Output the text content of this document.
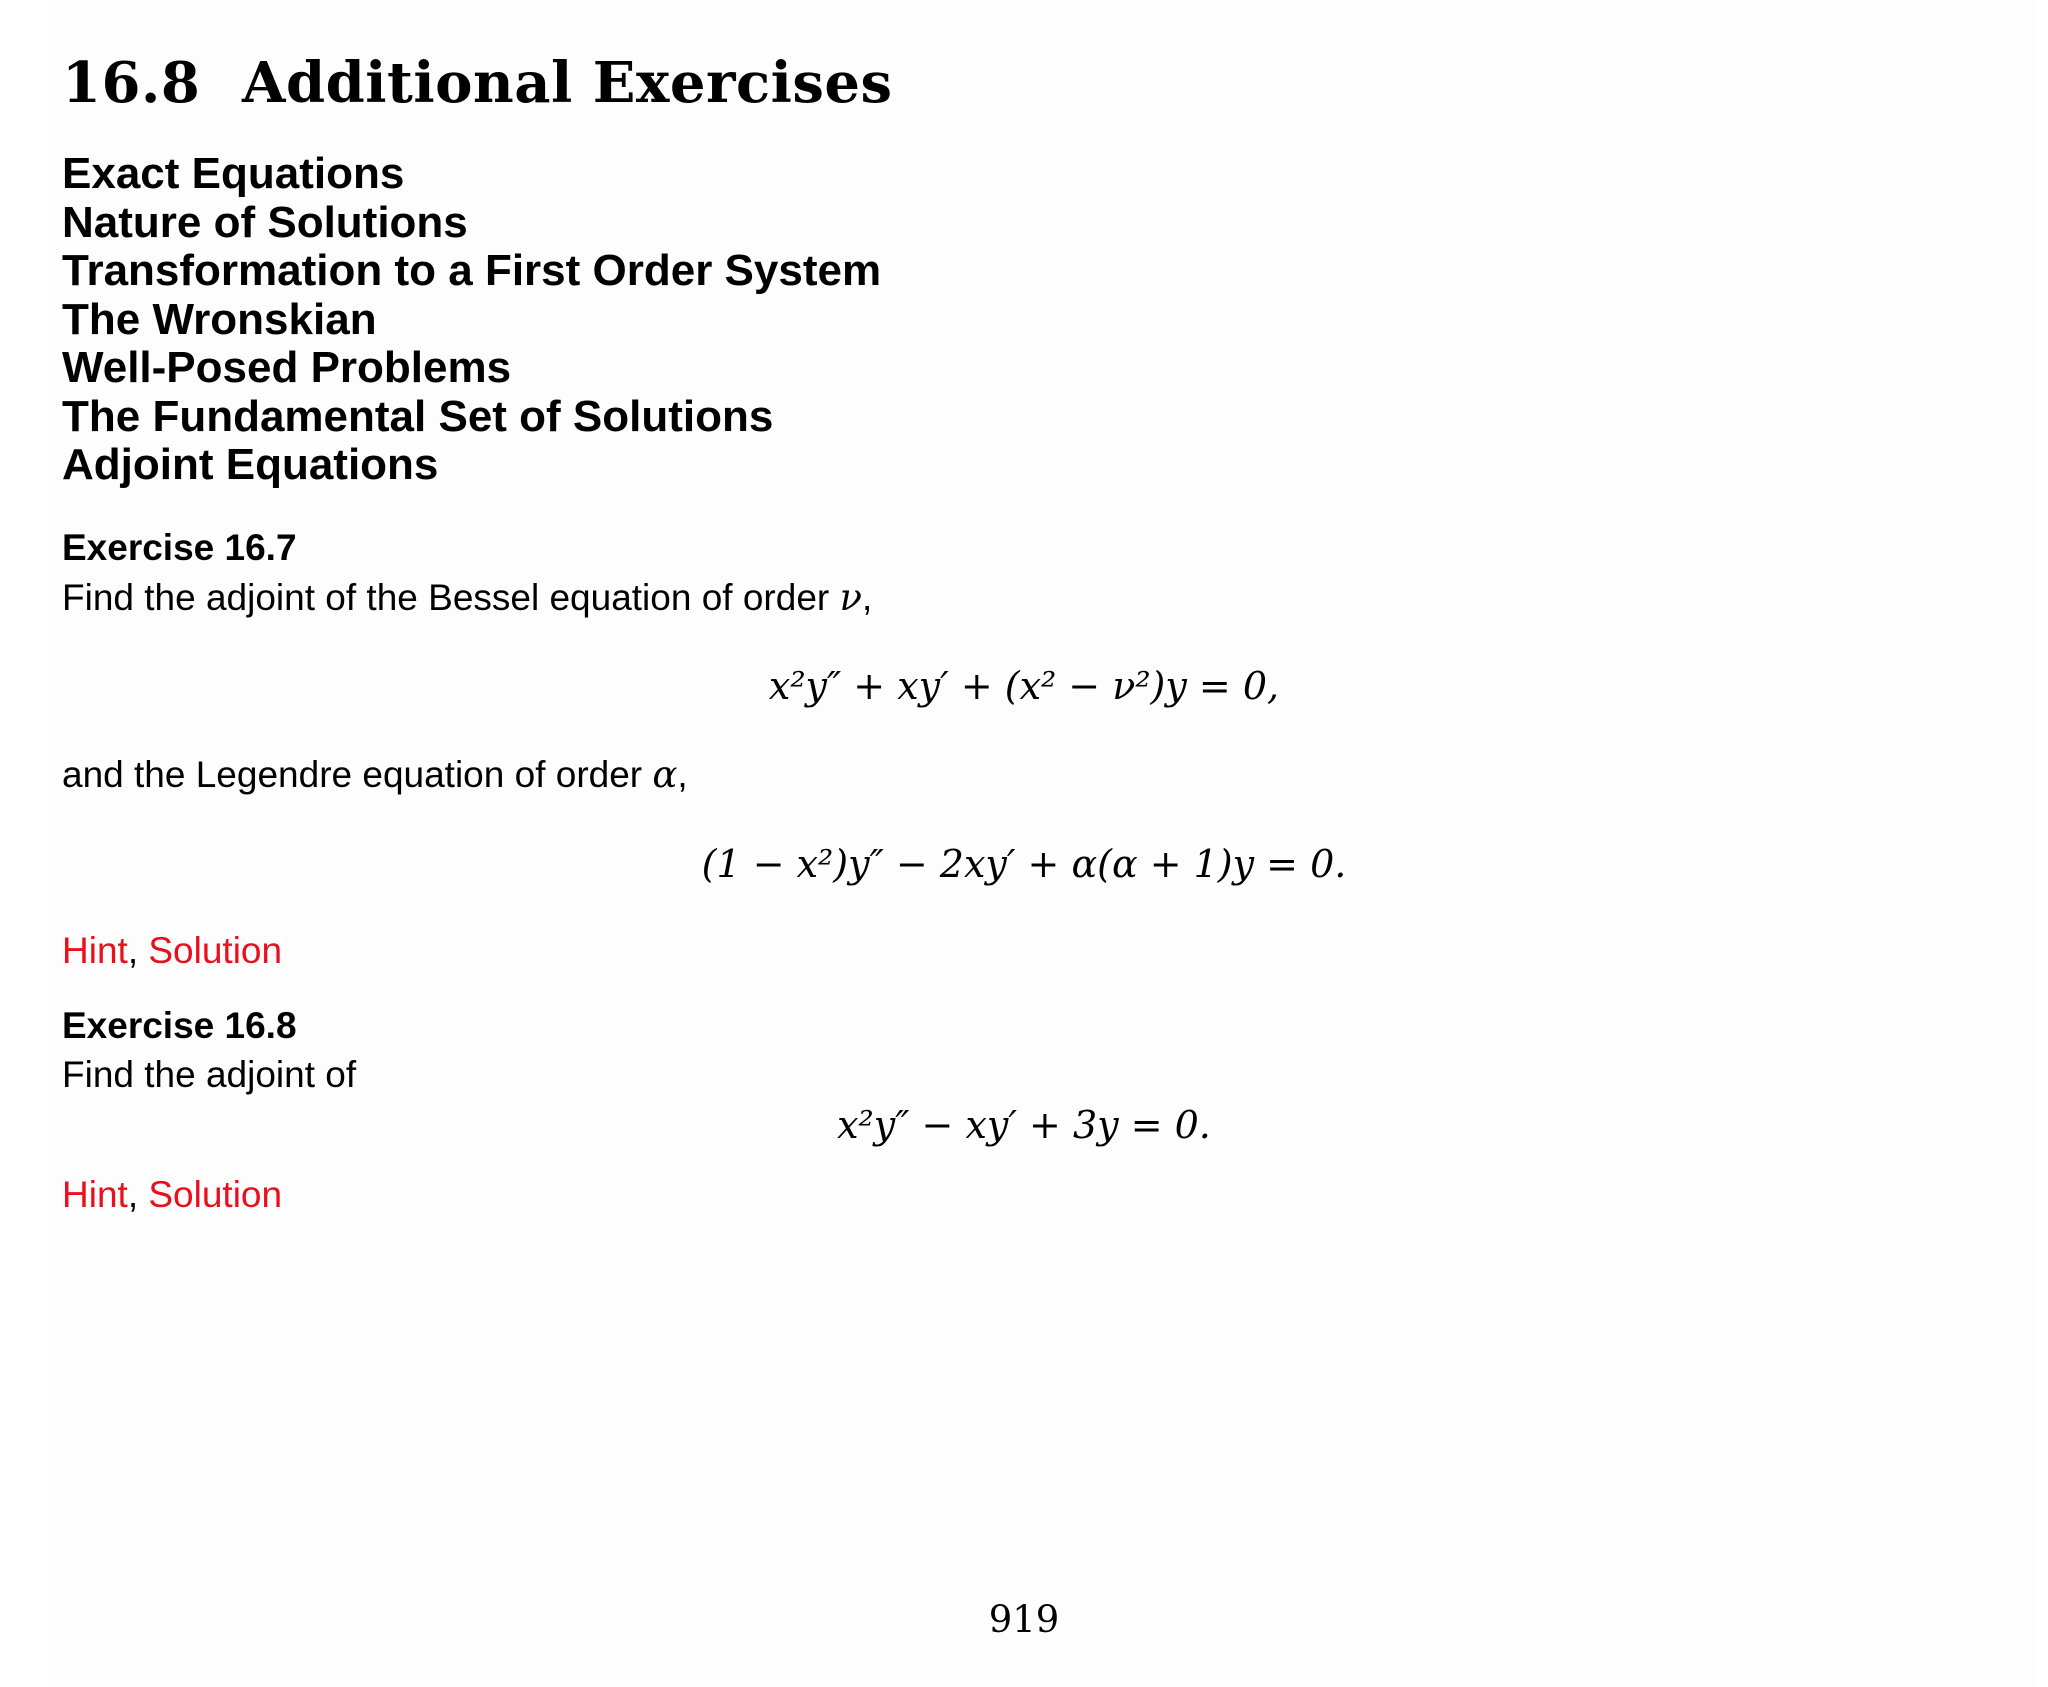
16.8 Additional Exercises
Exact Equations
Nature of Solutions
Transformation to a First Order System
The Wronskian
Well-Posed Problems
The Fundamental Set of Solutions
Adjoint Equations
Exercise 16.7
Find the adjoint of the Bessel equation of order ν,
x²y″ + xy′ + (x² − ν²)y = 0,
and the Legendre equation of order α,
(1 − x²)y″ − 2xy′ + α(α + 1)y = 0.
Hint, Solution
Exercise 16.8
Find the adjoint of
x²y″ − xy′ + 3y = 0.
Hint, Solution
919
